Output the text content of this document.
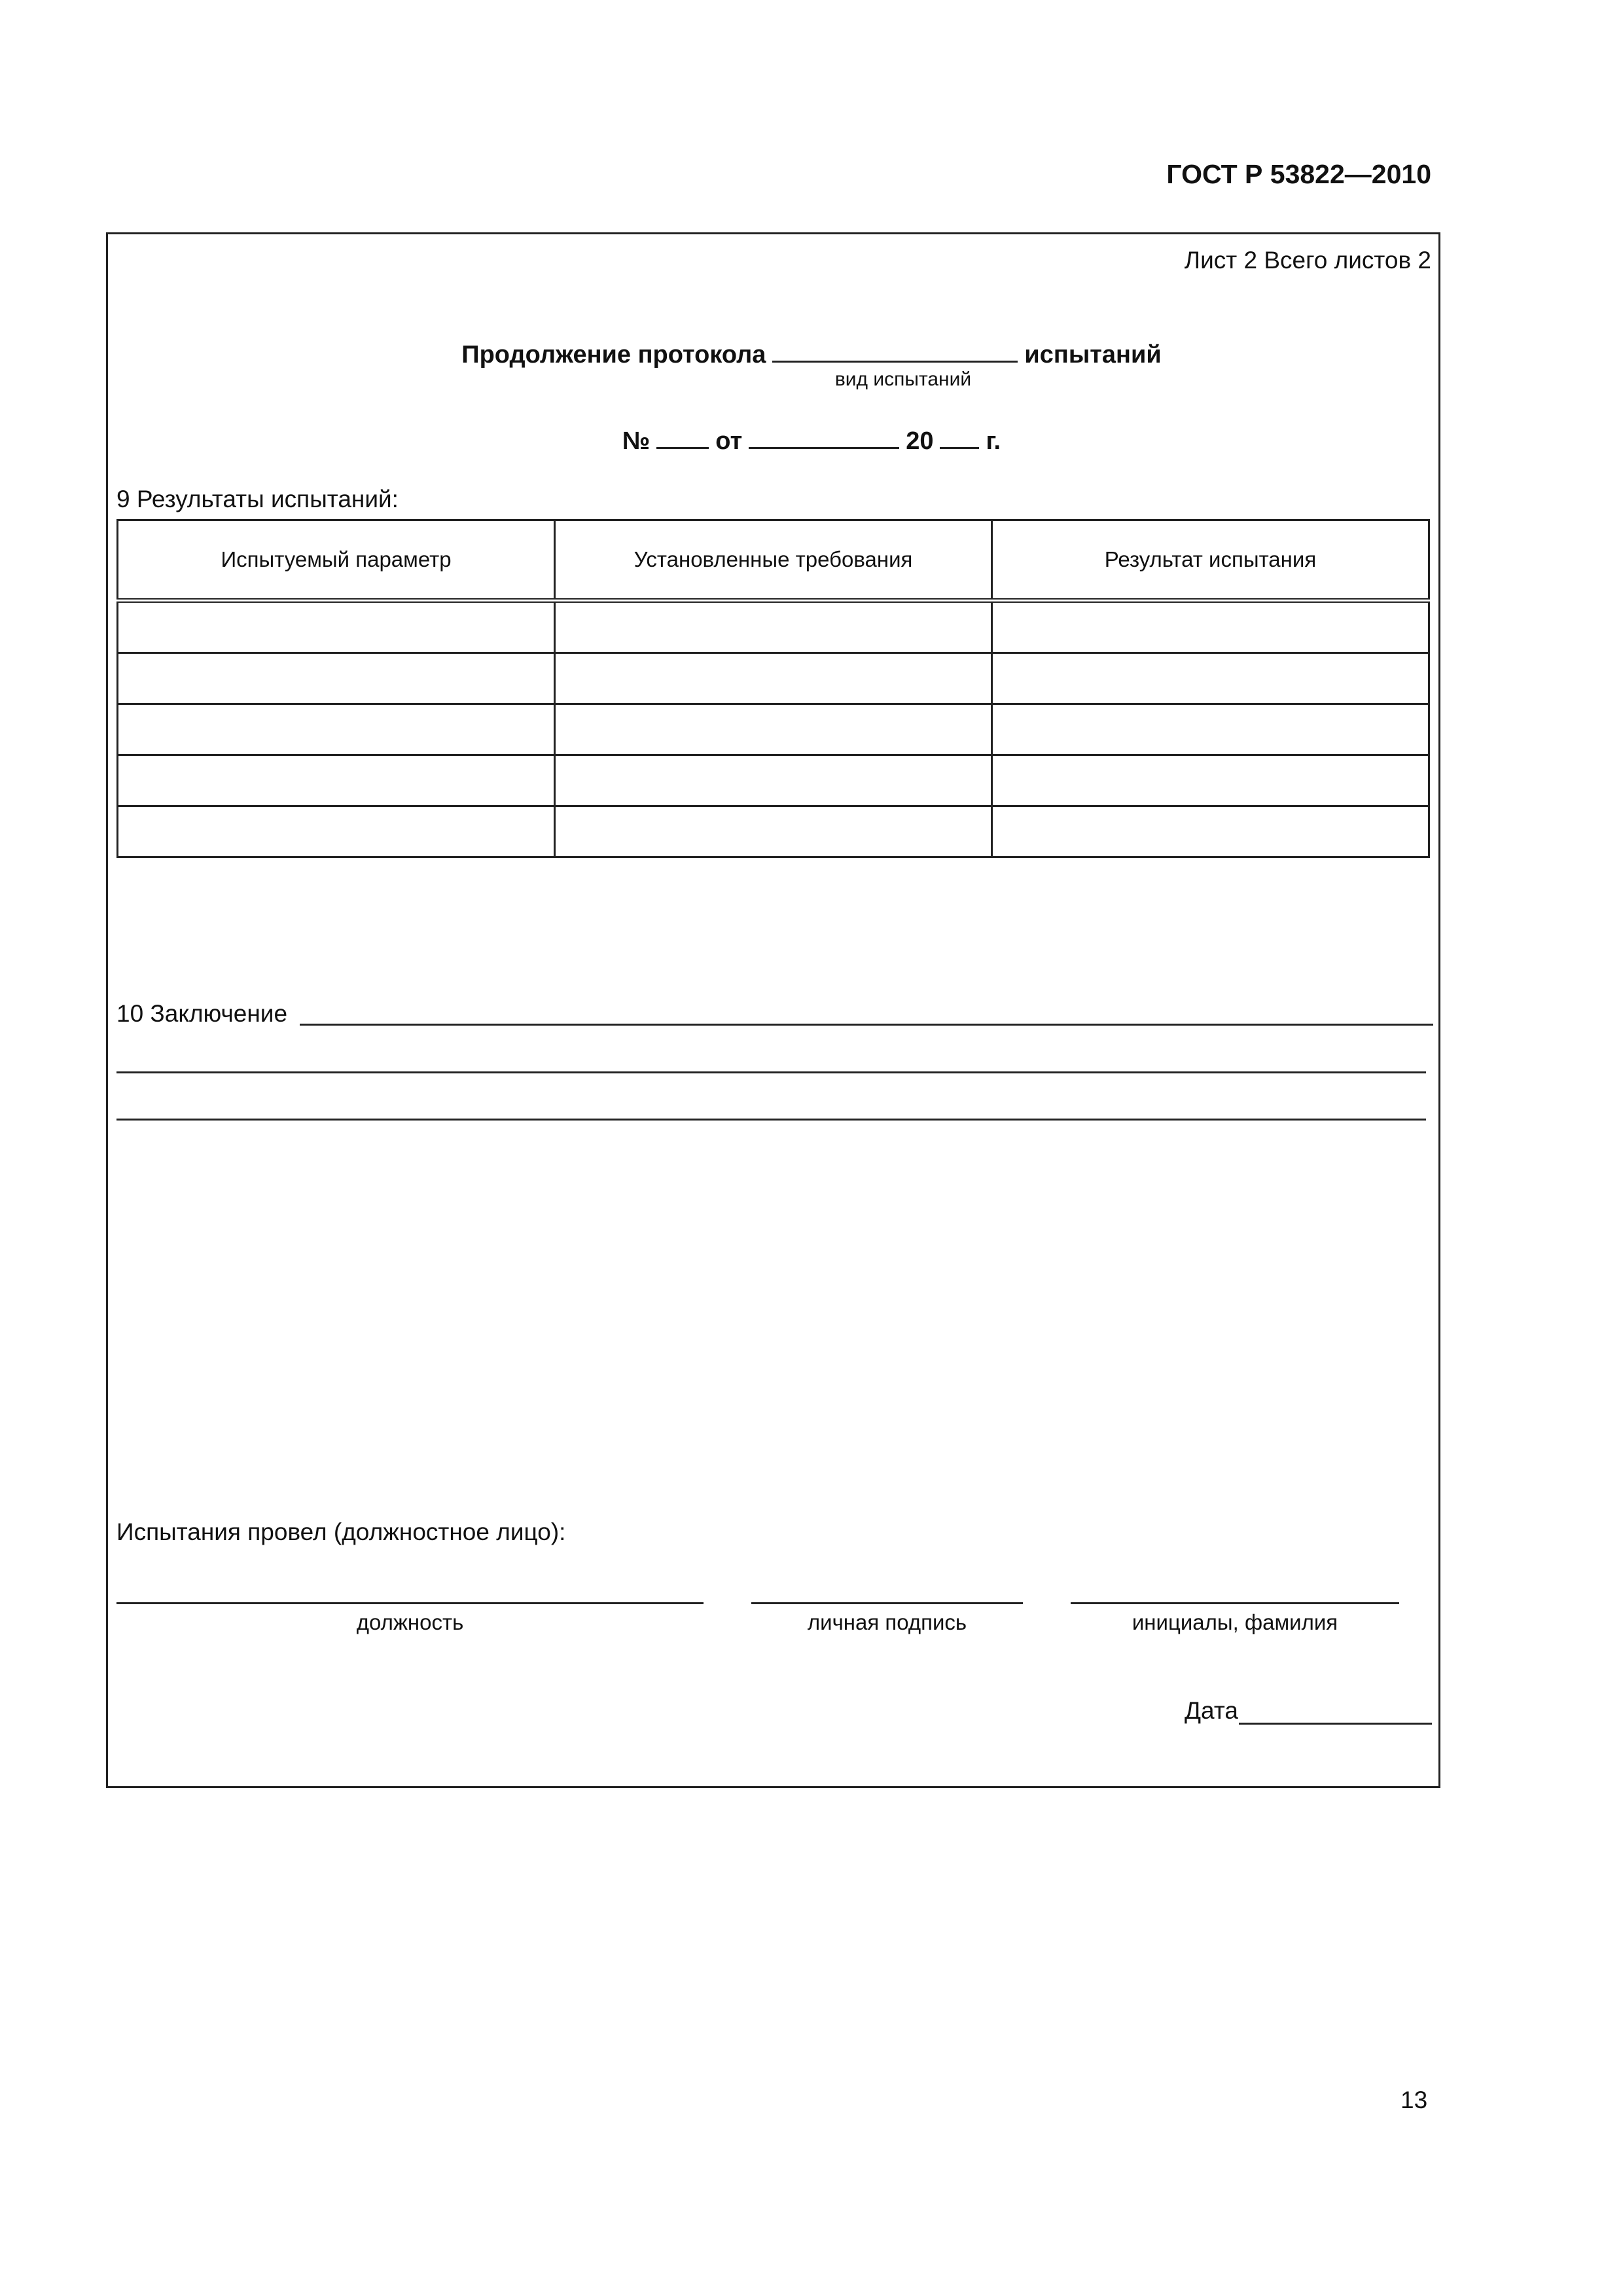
ГОСТ Р 53822—2010
Лист 2 Всего листов 2
Продолжение протокола	испытаний
вид испытаний
№	от	20 г.
9 Результаты испытаний:
Испытуемый параметр	Установленные требования	Результат испытания

10 Заключение
Испытания провел (должностное лицо):
должность	личная подпись	инициалы, фамилия
Дата
13
